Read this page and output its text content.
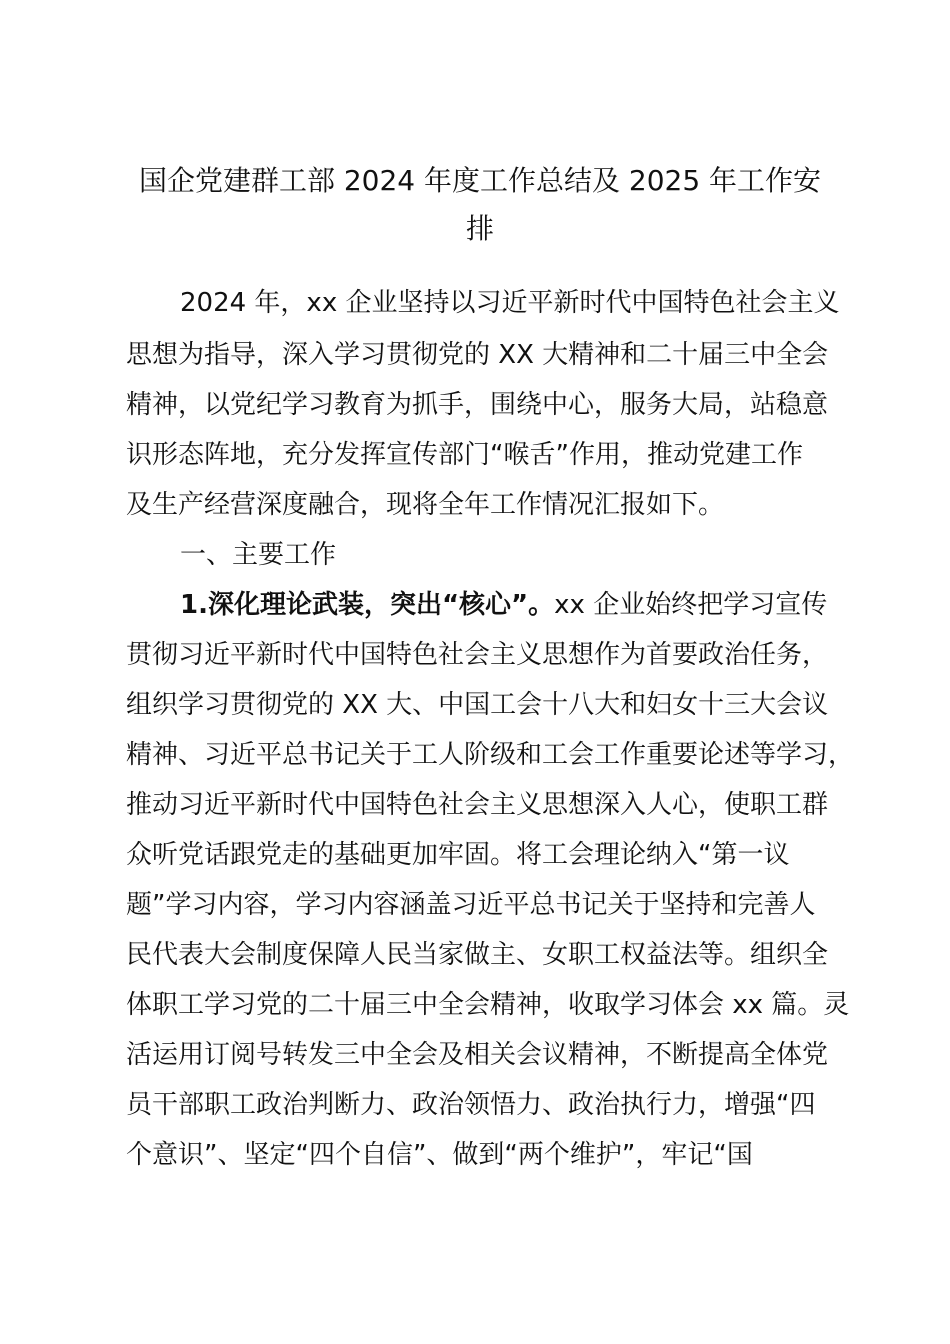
国企党建群工部 2024 年度工作总结及 2025 年工作安
排
2024 年，xx 企业坚持以习近平新时代中国特色社会主义
思想为指导，深入学习贯彻党的 XX 大精神和二十届三中全会
精神，以党纪学习教育为抓手，围绕中心，服务大局，站稳意
识形态阵地，充分发挥宣传部门“喉舌”作用，推动党建工作
及生产经营深度融合，现将全年工作情况汇报如下。
一、主要工作
1.深化理论武装，突出“核心”。xx 企业始终把学习宣传
贯彻习近平新时代中国特色社会主义思想作为首要政治任务，
组织学习贯彻党的 XX 大、中国工会十八大和妇女十三大会议
精神、习近平总书记关于工人阶级和工会工作重要论述等学习，
推动习近平新时代中国特色社会主义思想深入人心，使职工群
众听党话跟党走的基础更加牢固。将工会理论纳入“第一议
题”学习内容，学习内容涵盖习近平总书记关于坚持和完善人
民代表大会制度保障人民当家做主、女职工权益法等。组织全
体职工学习党的二十届三中全会精神，收取学习体会 xx 篇。灵
活运用订阅号转发三中全会及相关会议精神，不断提高全体党
员干部职工政治判断力、政治领悟力、政治执行力，增强“四
个意识”、坚定“四个自信”、做到“两个维护”，牢记“国
